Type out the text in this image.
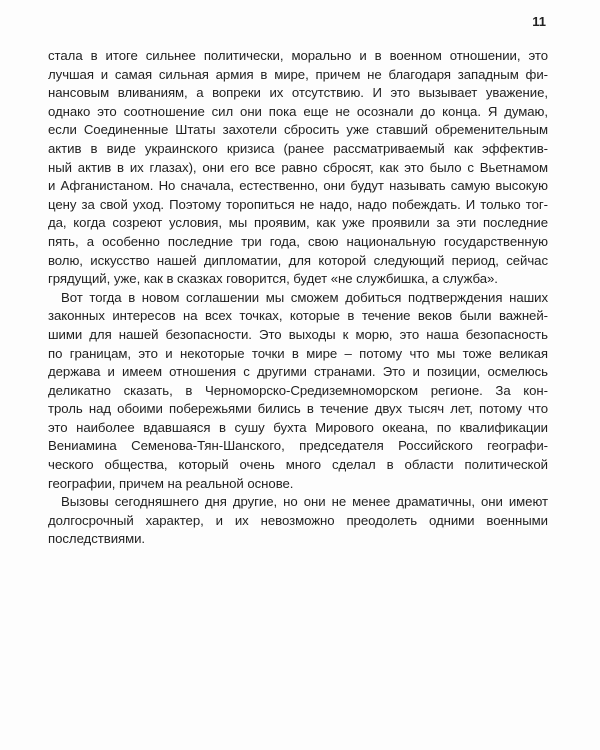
11

стала в итоге сильнее политически, морально и в военном отношении, это
лучшая и самая сильная армия в мире, причем не благодаря западным фи-
нансовым вливаниям, а вопреки их отсутствию. И это вызывает уважение,
однако это соотношение сил они пока еще не осознали до конца. Я думаю,
если Соединенные Штаты захотели сбросить уже ставший обременительным
актив в виде украинского кризиса (ранее рассматриваемый как эффектив-
ный актив в их глазах), они его все равно сбросят, как это было с Вьетнамом
и Афганистаном. Но сначала, естественно, они будут называть самую высокую
цену за свой уход. Поэтому торопиться не надо, надо побеждать. И только тог-
да, когда созреют условия, мы проявим, как уже проявили за эти последние
пять, а особенно последние три года, свою национальную государственную
волю, искусство нашей дипломатии, для которой следующий период, сейчас
грядущий, уже, как в сказках говорится, будет «не службишка, а служба».

Вот тогда в новом соглашении мы сможем добиться подтверждения наших
законных интересов на всех точках, которые в течение веков были важней-
шими для нашей безопасности. Это выходы к морю, это наша безопасность
по границам, это и некоторые точки в мире – потому что мы тоже великая
держава и имеем отношения с другими странами. Это и позиции, осмелюсь
деликатно сказать, в Черноморско-Средиземноморском регионе. За кон-
троль над обоими побережьями бились в течение двух тысяч лет, потому что
это наиболее вдавшаяся в сушу бухта Мирового океана, по квалификации
Вениамина Семенова-Тян-Шанского, председателя Российского географи-
ческого общества, который очень много сделал в области политической
географии, причем на реальной основе.

Вызовы сегодняшнего дня другие, но они не менее драматичны, они имеют
долгосрочный характер, и их невозможно преодолеть одними военными
последствиями.
